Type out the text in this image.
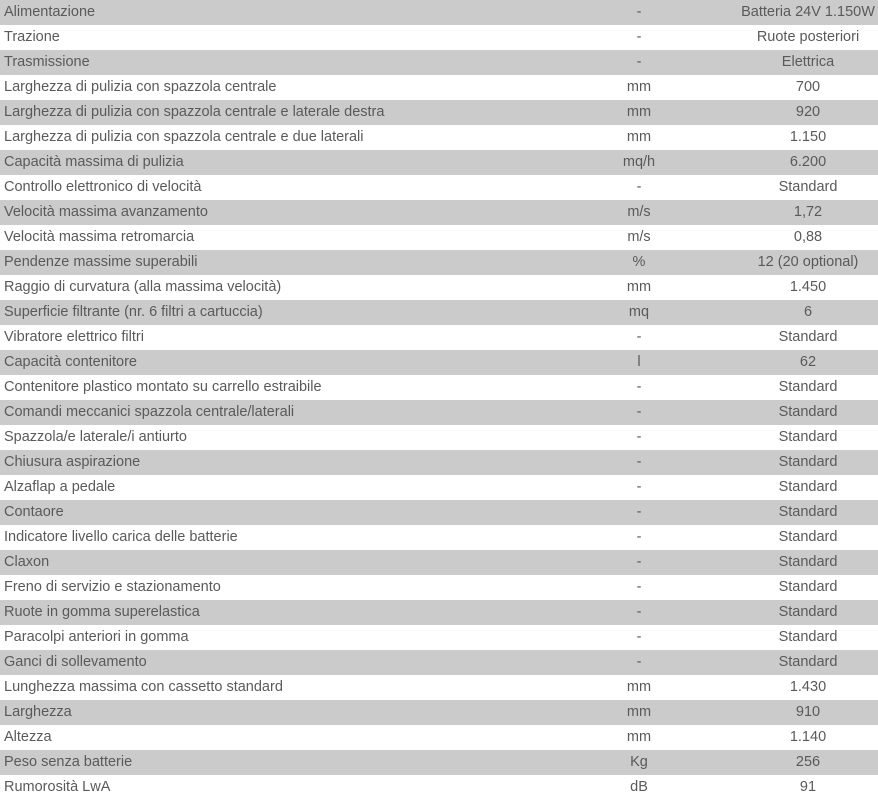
Alimentazione	-	Batteria 24V 1.150W
Trazione	-	Ruote posteriori
Trasmissione	-	Elettrica
Larghezza di pulizia con spazzola centrale	mm	700
Larghezza di pulizia con spazzola centrale e laterale destra	mm	920
Larghezza di pulizia con spazzola centrale e due laterali	mm	1.150
Capacità massima di pulizia	mq/h	6.200
Controllo elettronico di velocità	-	Standard
Velocità massima avanzamento	m/s	1,72
Velocità massima retromarcia	m/s	0,88
Pendenze massime superabili	%	12 (20 optional)
Raggio di curvatura (alla massima velocità)	mm	1.450
Superficie filtrante (nr. 6 filtri a cartuccia)	mq	6
Vibratore elettrico filtri	-	Standard
Capacità contenitore	l	62
Contenitore plastico montato su carrello estraibile	-	Standard
Comandi meccanici spazzola centrale/laterali	-	Standard
Spazzola/e laterale/i antiurto	-	Standard
Chiusura aspirazione	-	Standard
Alzaflap a pedale	-	Standard
Contaore	-	Standard
Indicatore livello carica delle batterie	-	Standard
Claxon	-	Standard
Freno di servizio e stazionamento	-	Standard
Ruote in gomma superelastica	-	Standard
Paracolpi anteriori in gomma	-	Standard
Ganci di sollevamento	-	Standard
Lunghezza massima con cassetto standard	mm	1.430
Larghezza	mm	910
Altezza	mm	1.140
Peso senza batterie	Kg	256
Rumorosità LwA	dB	91
